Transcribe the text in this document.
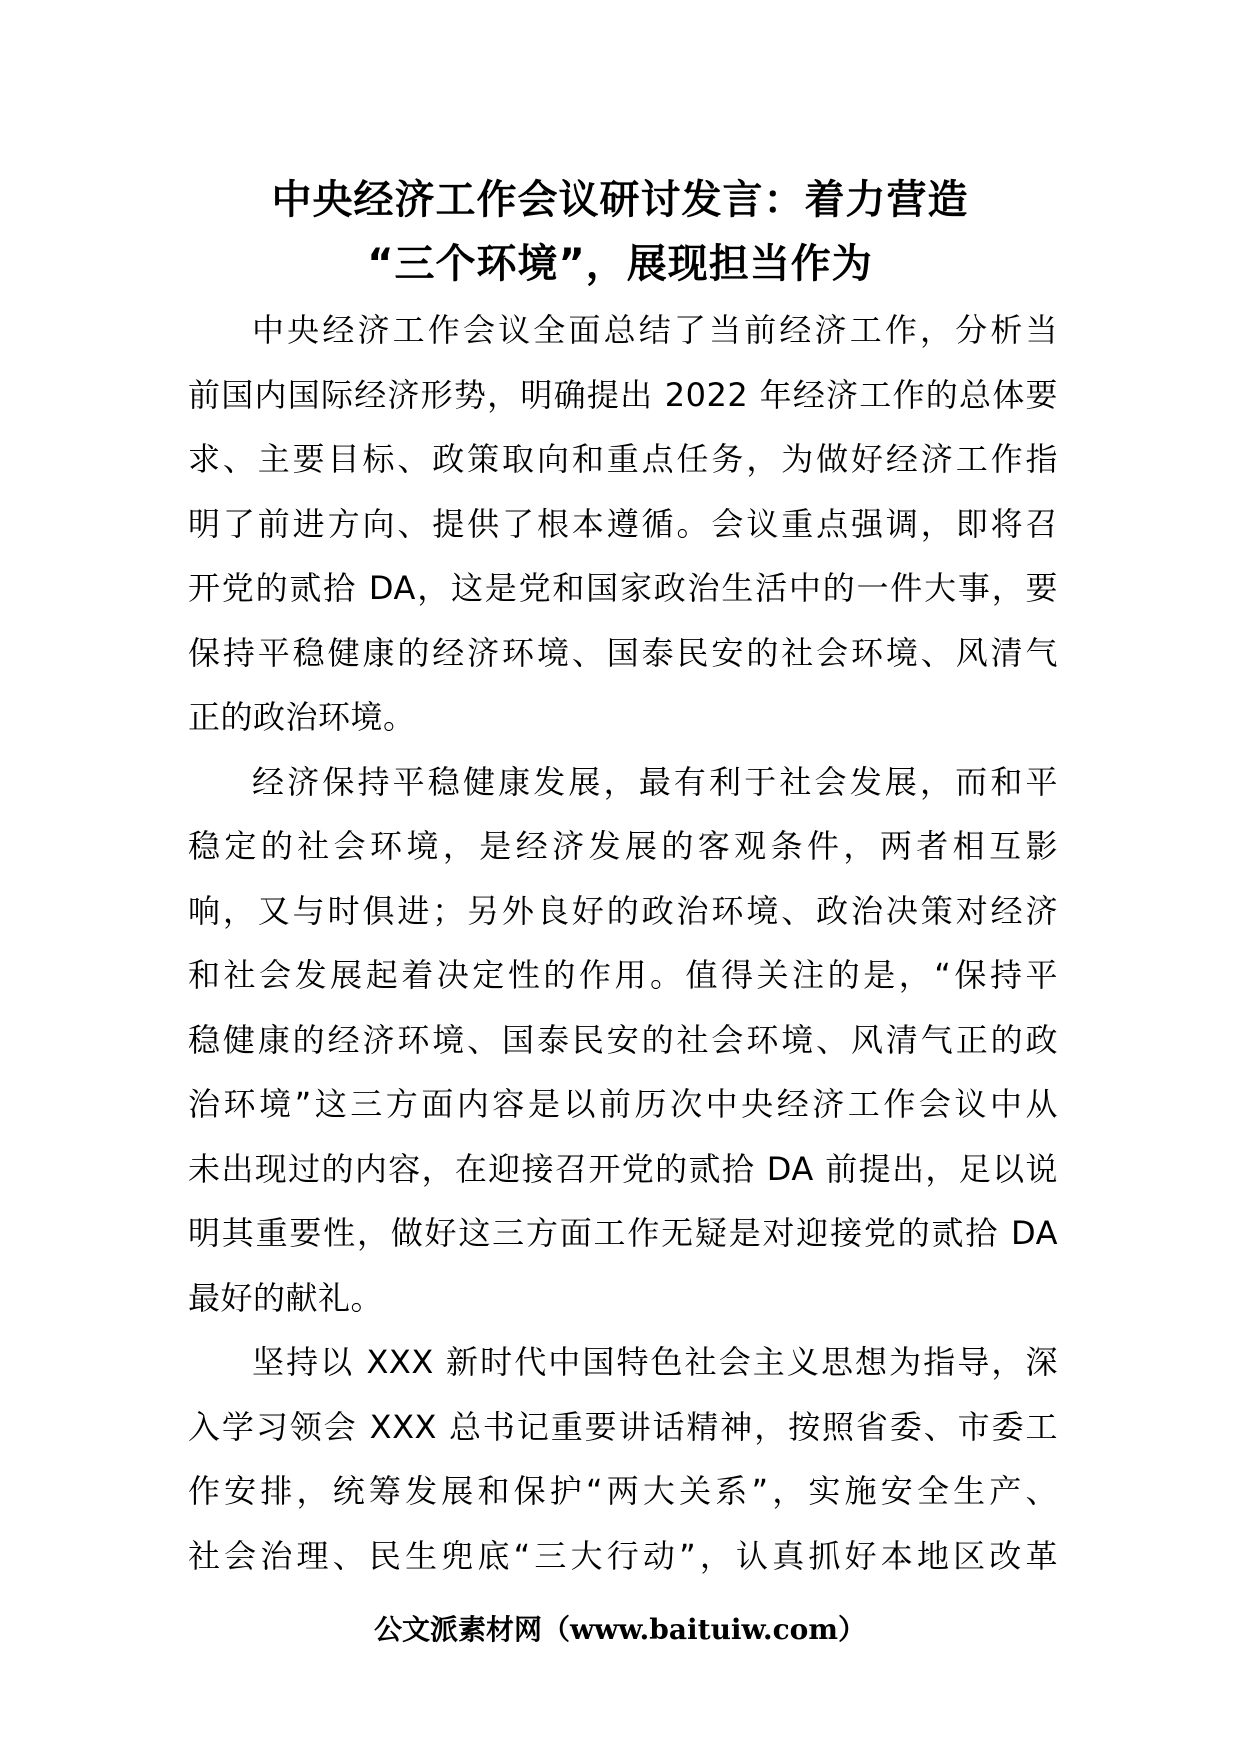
中央经济工作会议研讨发言：着力营造
“三个环境”，展现担当作为

中央经济工作会议全面总结了当前经济工作，分析当
前国内国际经济形势，明确提出 2022 年经济工作的总体要
求、主要目标、政策取向和重点任务，为做好经济工作指
明了前进方向、提供了根本遵循。会议重点强调，即将召
开党的贰拾 DA，这是党和国家政治生活中的一件大事，要
保持平稳健康的经济环境、国泰民安的社会环境、风清气
正的政治环境。

经济保持平稳健康发展，最有利于社会发展，而和平
稳定的社会环境，是经济发展的客观条件，两者相互影
响，又与时俱进；另外良好的政治环境、政治决策对经济
和社会发展起着决定性的作用。值得关注的是，“保持平
稳健康的经济环境、国泰民安的社会环境、风清气正的政
治环境”这三方面内容是以前历次中央经济工作会议中从
未出现过的内容，在迎接召开党的贰拾 DA 前提出，足以说
明其重要性，做好这三方面工作无疑是对迎接党的贰拾 DA
最好的献礼。

坚持以 XXX 新时代中国特色社会主义思想为指导，深
入学习领会 XXX 总书记重要讲话精神，按照省委、市委工
作安排，统筹发展和保护“两大关系”，实施安全生产、
社会治理、民生兜底“三大行动”，认真抓好本地区改革

公文派素材网（www.baituiw.com）
